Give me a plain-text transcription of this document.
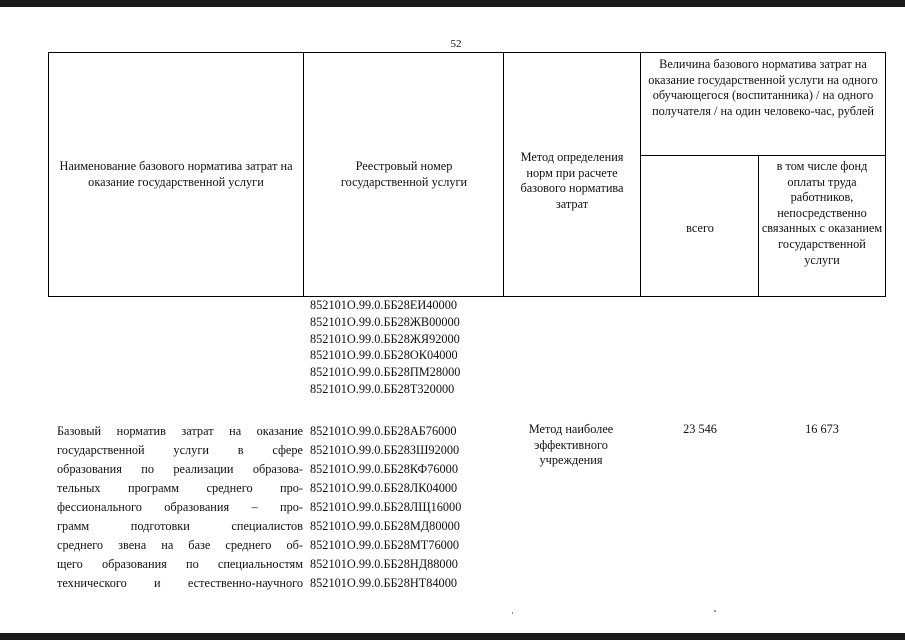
52
Наименование базового норматива затрат на оказание государственной услуги
Реестровый номер государственной услуги
Метод определения норм при расчете базового норматива затрат
Величина базового норматива затрат на оказание государственной услуги на одного обучающегося (воспитанника) / на одного получателя / на один человеко-час, рублей
всего
в том числе фонд оплаты труда работников, непосредственно связанных с оказанием государственной услуги
852101О.99.0.ББ28ЕИ40000
852101О.99.0.ББ28ЖВ00000
852101О.99.0.ББ28ЖЯ92000
852101О.99.0.ББ28ОК04000
852101О.99.0.ББ28ПМ28000
852101О.99.0.ББ28Т320000
Базовый норматив затрат на оказание
государственной услуги в сфере
образования по реализации образова-
тельных программ среднего про-
фессионального образования – про-
грамм подготовки специалистов
среднего звена на базе среднего об-
щего образования по специальностям
технического и естественно-научного
852101О.99.0.ББ28АБ76000
852101О.99.0.ББ28ЗШ92000
852101О.99.0.ББ28КФ76000
852101О.99.0.ББ28ЛК04000
852101О.99.0.ББ28ЛЩ16000
852101О.99.0.ББ28МД80000
852101О.99.0.ББ28МТ76000
852101О.99.0.ББ28НД88000
852101О.99.0.ББ28НТ84000
Метод наиболее эффективного учреждения
23 546	16 673
